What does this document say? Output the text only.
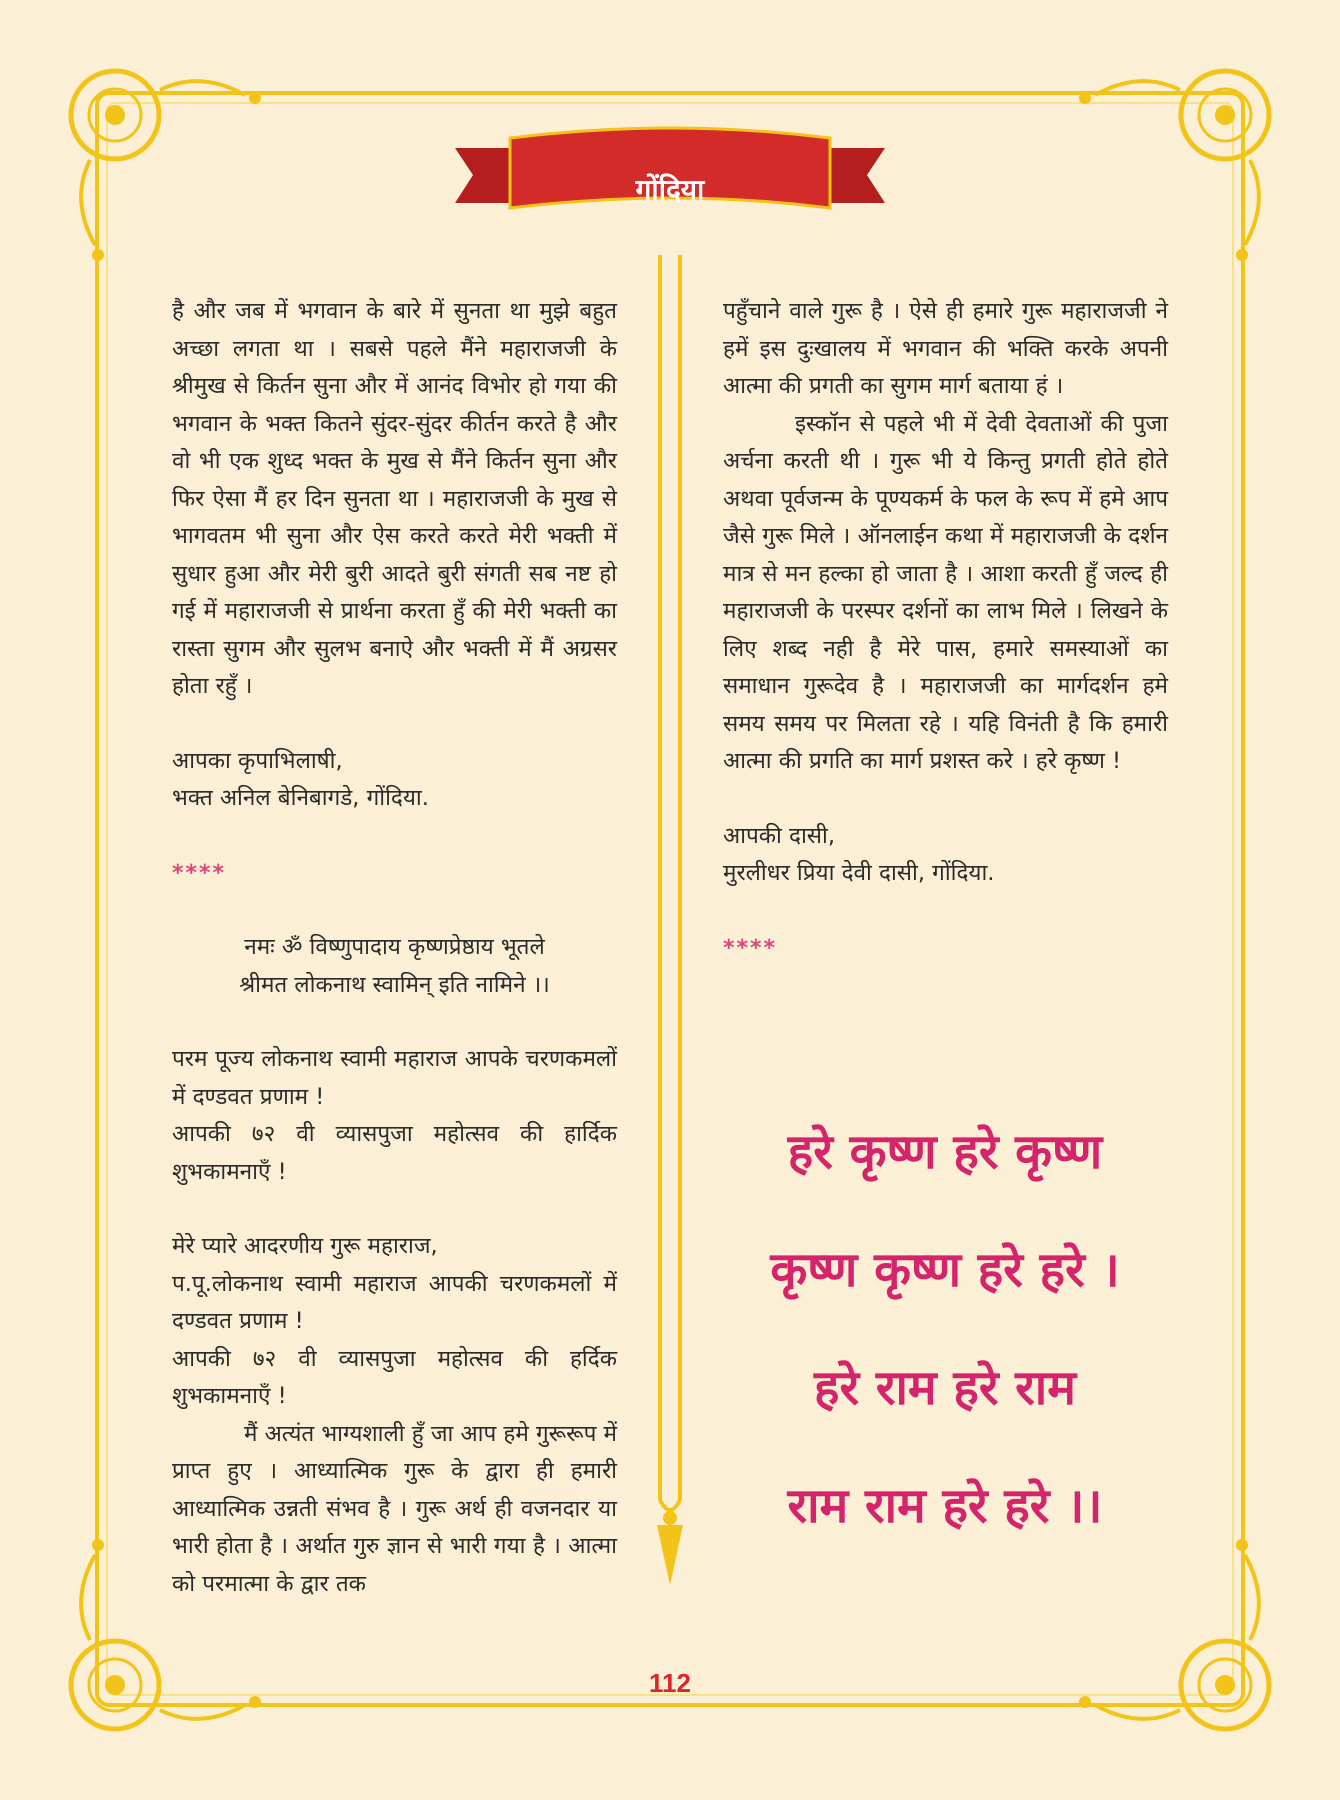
गोंदिया

है और जब में भगवान के बारे में सुनता था मुझे बहुत अच्छा लगता था । सबसे पहले मैंने महाराजजी के श्रीमुख से किर्तन सुना और में आनंद विभोर हो गया की भगवान के भक्त कितने सुंदर-सुंदर कीर्तन करते है और वो भी एक शुध्द भक्त के मुख से मैंने किर्तन सुना और फिर ऐसा मैं हर दिन सुनता था । महाराजजी के मुख से भागवतम भी सुना और ऐस करते करते मेरी भक्ती में सुधार हुआ और मेरी बुरी आदते बुरी संगती सब नष्ट हो गई में महाराजजी से प्रार्थना करता हुँ की मेरी भक्ती का रास्ता सुगम और सुलभ बनाऐ और भक्ती में मैं अग्रसर होता रहुँ ।

आपका कृपाभिलाषी,

भक्त अनिल बेनिबागडे, गोंदिया.

****

नमः ॐ विष्णुपादाय कृष्णप्रेष्ठाय भूतले

श्रीमत लोकनाथ स्वामिन् इति नामिने ।।

परम पूज्य लोकनाथ स्वामी महाराज आपके चरणकमलों में दण्डवत प्रणाम !

आपकी ७२ वी व्यासपुजा महोत्सव की हार्दिक शुभकामनाएँ !

मेरे प्यारे आदरणीय गुरू महाराज,

प.पू.लोकनाथ स्वामी महाराज आपकी चरणकमलों में दण्डवत प्रणाम !

आपकी ७२ वी व्यासपुजा महोत्सव की हर्दिक शुभकामनाएँ !

मैं अत्यंत भाग्यशाली हुँ जा आप हमे गुरूरूप में प्राप्त हुए । आध्यात्मिक गुरू के द्वारा ही हमारी आध्यात्मिक उन्नती संभव है । गुरू अर्थ ही वजनदार या भारी होता है । अर्थात गुरु ज्ञान से भारी गया है । आत्मा को परमात्मा के द्वार तक

पहुँचाने वाले गुरू है । ऐसे ही हमारे गुरू महाराजजी ने हमें इस दुःखालय में भगवान की भक्ति करके अपनी आत्मा की प्रगती का सुगम मार्ग बताया हं ।

इस्कॉन से पहले भी में देवी देवताओं की पुजा अर्चना करती थी । गुरू भी ये किन्तु प्रगती होते होते अथवा पूर्वजन्म के पूण्यकर्म के फल के रूप में हमे आप जैसे गुरू मिले । ऑनलाईन कथा में महाराजजी के दर्शन मात्र से मन हल्का हो जाता है । आशा करती हुँ जल्द ही महाराजजी के परस्पर दर्शनों का लाभ मिले । लिखने के लिए शब्द नही है मेरे पास, हमारे समस्याओं का समाधान गुरूदेव है । महाराजजी का मार्गदर्शन हमे समय समय पर मिलता रहे । यहि विनंती है कि हमारी आत्मा की प्रगति का मार्ग प्रशस्त करे । हरे कृष्ण !

आपकी दासी,

मुरलीधर प्रिया देवी दासी, गोंदिया.

****

हरे कृष्ण हरे कृष्ण
कृष्ण कृष्ण हरे हरे ।
हरे राम हरे राम
राम राम हरे हरे ।।
112
